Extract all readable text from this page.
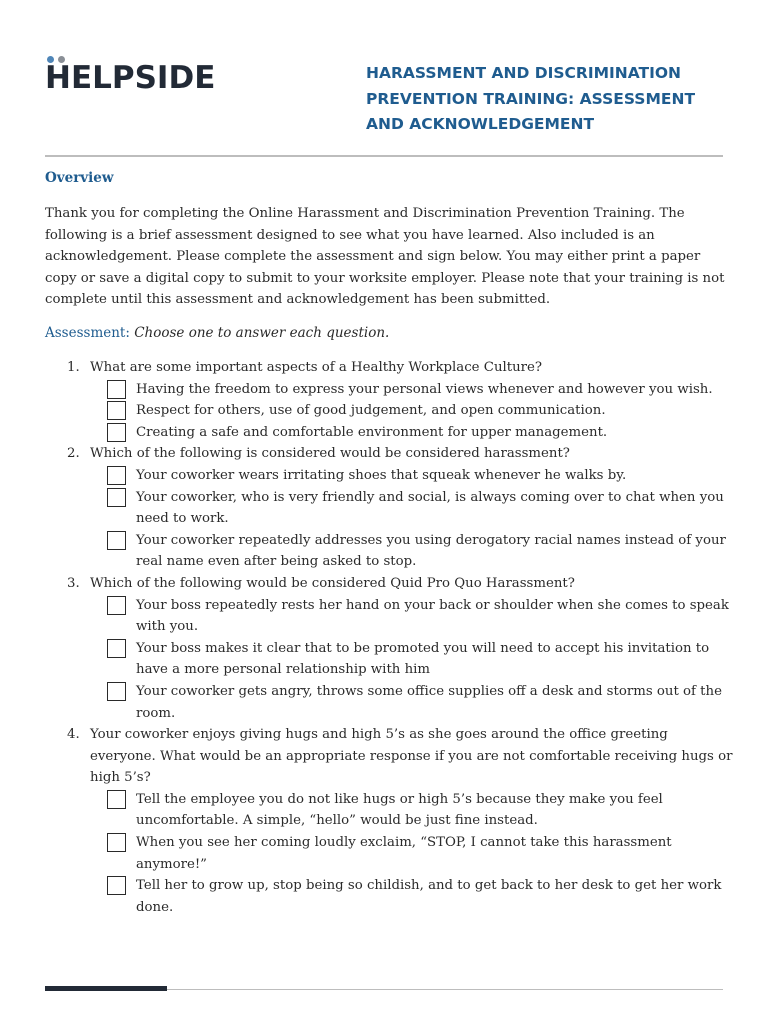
HELPSIDE	HARASSMENT AND DISCRIMINATION
PREVENTION TRAINING: ASSESSMENT
AND ACKNOWLEDGEMENT
Overview

Thank you for completing the Online Harassment and Discrimination Prevention Training. The following is a brief assessment designed to see what you have learned. Also included is an acknowledgement. Please complete the assessment and sign below. You may either print a paper copy or save a digital copy to submit to your worksite employer. Please note that your training is not complete until this assessment and acknowledgement has been submitted.

Assessment: Choose one to answer each question.

1. What are some important aspects of a Healthy Workplace Culture?
Having the freedom to express your personal views whenever and however you wish.
Respect for others, use of good judgement, and open communication.
Creating a safe and comfortable environment for upper management.
2. Which of the following is considered would be considered harassment?
Your coworker wears irritating shoes that squeak whenever he walks by.
Your coworker, who is very friendly and social, is always coming over to chat when you need to work.
Your coworker repeatedly addresses you using derogatory racial names instead of your real name even after being asked to stop.
3. Which of the following would be considered Quid Pro Quo Harassment?
Your boss repeatedly rests her hand on your back or shoulder when she comes to speak with you.
Your boss makes it clear that to be promoted you will need to accept his invitation to have a more personal relationship with him
Your coworker gets angry, throws some office supplies off a desk and storms out of the room.
4. Your coworker enjoys giving hugs and high 5’s as she goes around the office greeting everyone. What would be an appropriate response if you are not comfortable receiving hugs or high 5’s?
Tell the employee you do not like hugs or high 5’s because they make you feel uncomfortable. A simple, “hello” would be just fine instead.
When you see her coming loudly exclaim, “STOP, I cannot take this harassment anymore!”
Tell her to grow up, stop being so childish, and to get back to her desk to get her work done.
